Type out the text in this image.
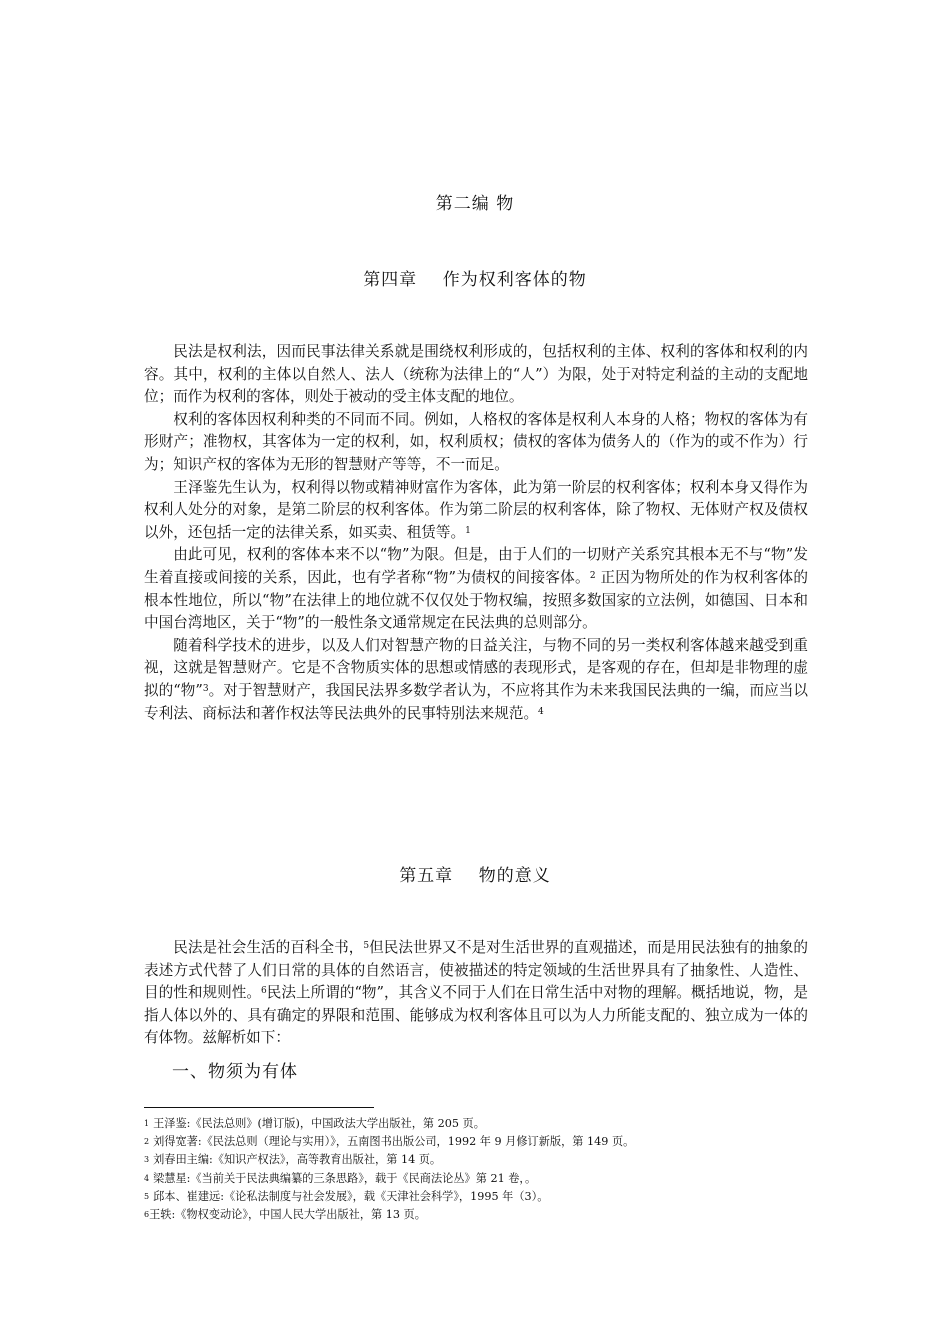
第二编 物
第四章    作为权利客体的物

民法是权利法，因而民事法律关系就是围绕权利形成的，包括权利的主体、权利的客体和权利的内容。其中，权利的主体以自然人、法人（统称为法律上的“人”）为限，处于对特定利益的主动的支配地位；而作为权利的客体，则处于被动的受主体支配的地位。

权利的客体因权利种类的不同而不同。例如，人格权的客体是权利人本身的人格；物权的客体为有形财产；准物权，其客体为一定的权利，如，权利质权；债权的客体为债务人的（作为的或不作为）行为；知识产权的客体为无形的智慧财产等等，不一而足。

王泽鉴先生认为，权利得以物或精神财富作为客体，此为第一阶层的权利客体；权利本身又得作为权利人处分的对象，是第二阶层的权利客体。作为第二阶层的权利客体，除了物权、无体财产权及债权以外，还包括一定的法律关系，如买卖、租赁等。$^1$

由此可见，权利的客体本来不以“物”为限。但是，由于人们的一切财产关系究其根本无不与“物”发生着直接或间接的关系，因此，也有学者称“物”为债权的间接客体。$^2$ 正因为物所处的作为权利客体的根本性地位，所以“物”在法律上的地位就不仅仅处于物权编，按照多数国家的立法例，如德国、日本和中国台湾地区，关于“物”的一般性条文通常规定在民法典的总则部分。

随着科学技术的进步，以及人们对智慧产物的日益关注，与物不同的另一类权利客体越来越受到重视，这就是智慧财产。它是不含物质实体的思想或情感的表现形式，是客观的存在，但却是非物理的虚拟的“物”$^3$。对于智慧财产，我国民法界多数学者认为，不应将其作为未来我国民法典的一编，而应当以专利法、商标法和著作权法等民法典外的民事特别法来规范。$^4$

第五章    物的意义

民法是社会生活的百科全书，$^5$但民法世界又不是对生活世界的直观描述，而是用民法独有的抽象的表述方式代替了人们日常的具体的自然语言，使被描述的特定领域的生活世界具有了抽象性、人造性、目的性和规则性。$^6$民法上所谓的“物”，其含义不同于人们在日常生活中对物的理解。概括地说，物，是指人体以外的、具有确定的界限和范围、能够成为权利客体且可以为人力所能支配的、独立成为一体的有体物。兹解析如下：

一、物须为有体
1 王泽鉴:《民法总则》(增订版)，中国政法大学出版社，第 205 页。
2 刘得宽著:《民法总则（理论与实用）》，五南图书出版公司，1992 年 9 月修订新版，第 149 页。
3 刘春田主编:《知识产权法》，高等教育出版社，第 14 页。
4 梁慧星:《当前关于民法典编纂的三条思路》，载于《民商法论丛》第 21 卷，。
5 邱本、崔建远:《论私法制度与社会发展》，载《天津社会科学》，1995 年（3）。
6王轶:《物权变动论》，中国人民大学出版社，第 13 页。
